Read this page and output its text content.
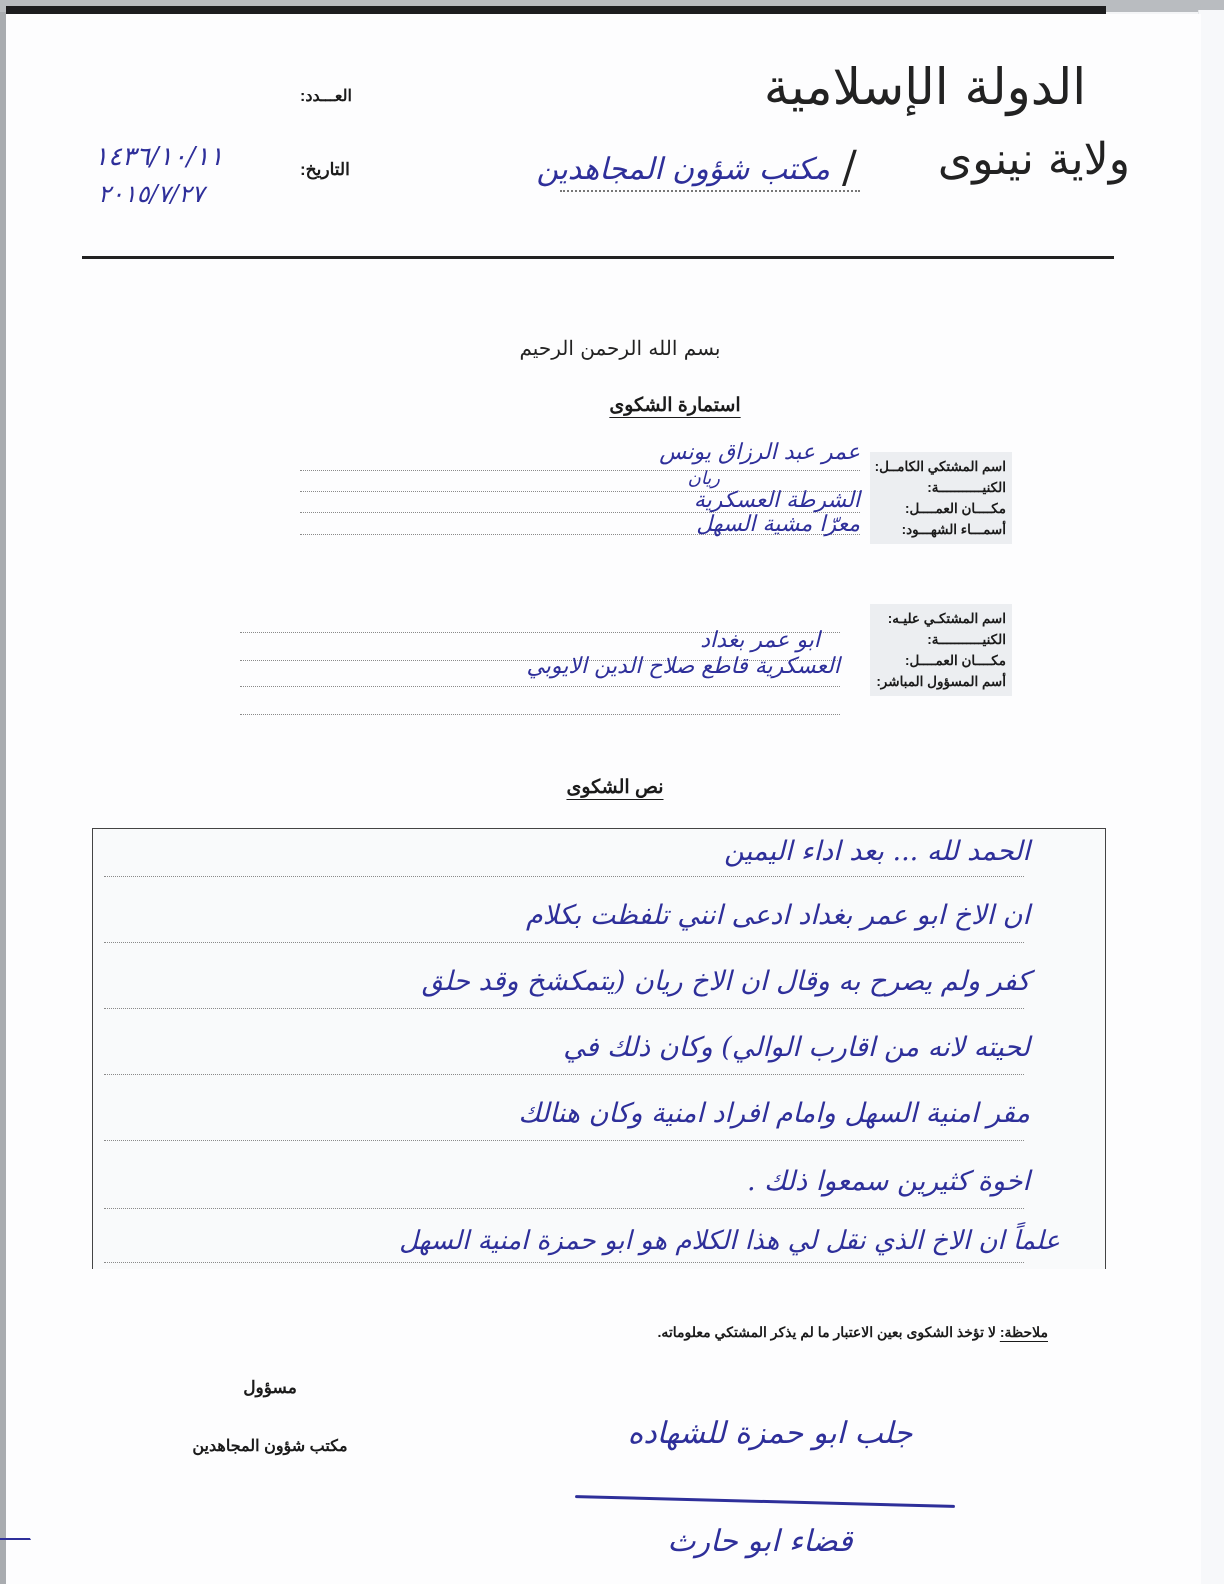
الدولة الإسلامية
ولاية نينوى
/
مكتب شؤون المجاهدين
العـــدد:
التاريخ:
١٤٣٦/١٠/١١
٢٠١٥/٧/٢٧
بسم الله الرحمن الرحيم
استمارة الشكوى
اسم المشتكي الكامــل:
الكنيـــــــــــة:
مكــــان العمــــل:
أسمـــاء الشهـــود:
عمر عبد الرزاق يونس
ريان
الشرطة العسكرية
معرّا مشية السهل
اسم المشتكـي عليـه:
الكنيـــــــــــة:
مكــــان العمــــل:
أسم المسؤول المباشر:
ابو عمر بغداد
العسكرية قاطع صلاح الدين الايوبي
نص الشكوى
الحمد لله ... بعد اداء اليمين
ان الاخ ابو عمر بغداد ادعى انني تلفظت بكلام
كفر ولم يصرح به وقال ان الاخ ريان (يتمكشخ وقد حلق
لحيته لانه من اقارب الوالي) وكان ذلك في
مقر امنية السهل وامام افراد امنية وكان هنالك
اخوة كثيرين سمعوا ذلك .
علماً ان الاخ الذي نقل لي هذا الكلام هو ابو حمزة امنية السهل
ملاحظة: لا تؤخذ الشكوى بعين الاعتبار ما لم يذكر المشتكي معلوماته.
مسؤول
مكتب شؤون المجاهدين	جلب ابو حمزة للشهاده
قضاء ابو حارث
